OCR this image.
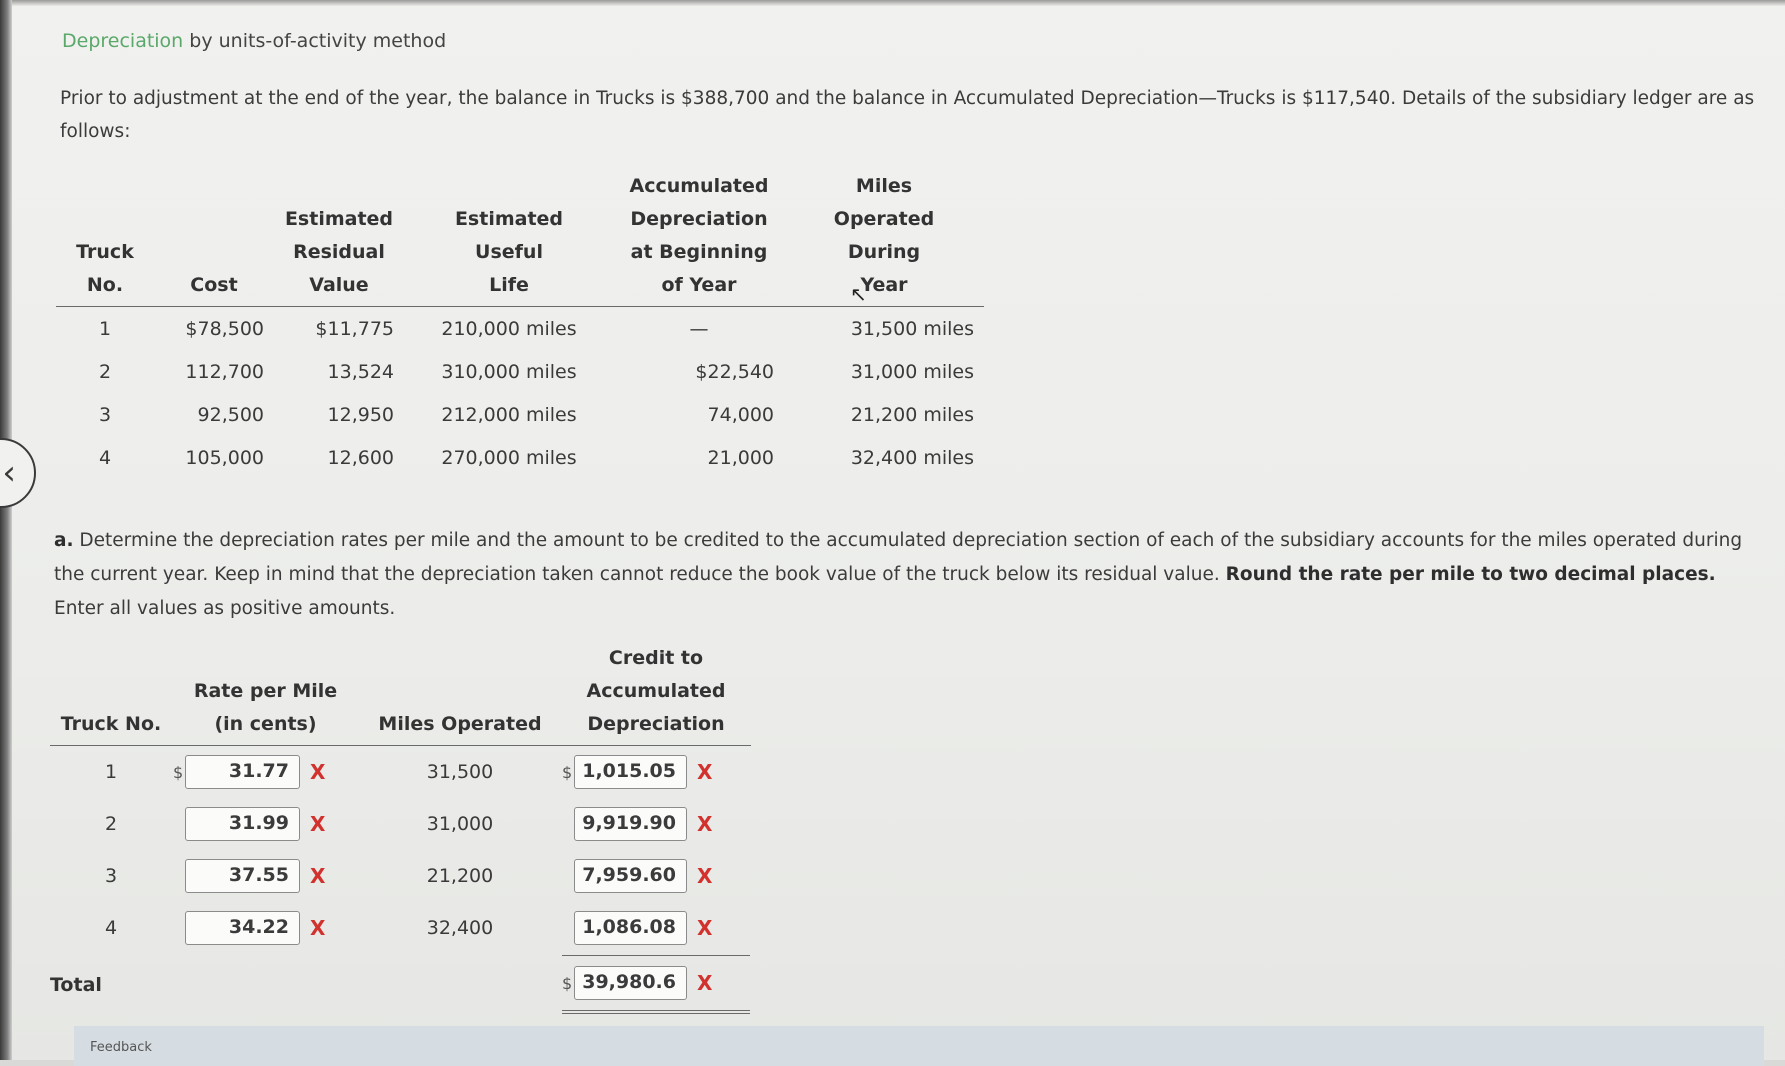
‹
Depreciation by units-of-activity method
Prior to adjustment at the end of the year, the balance in Trucks is $388,700 and the balance in Accumulated Depreciation—Trucks is $117,540. Details of the subsidiary ledger are as follows:
Truck
No.	Cost	Estimated
Residual
Value	Estimated
Useful
Life	Accumulated
Depreciation
at Beginning
of Year	Miles
Operated
During
Year
1	$78,500	$11,775	210,000 miles	—	31,500 miles
2	112,700	13,524	310,000 miles	$22,540	31,000 miles
3	92,500	12,950	212,000 miles	74,000	21,200 miles
4	105,000	12,600	270,000 miles	21,000	32,400 miles
↖
a. Determine the depreciation rates per mile and the amount to be credited to the accumulated depreciation section of each of the subsidiary accounts for the miles operated during the current year. Keep in mind that the depreciation taken cannot reduce the book value of the truck below its residual value. Round the rate per mile to two decimal places. Enter all values as positive amounts.
Truck No.	Rate per Mile
(in cents)	Miles Operated	Credit to
Accumulated
Depreciation
1	$ 31.77 X	31,500	$ 1,015.05 X

2	31.99 X	31,000	9,919.90 X

3	37.55 X	21,200	7,959.60 X

4	34.22 X	32,400	1,086.08 X

Total			$ 39,980.6 X
Feedback
